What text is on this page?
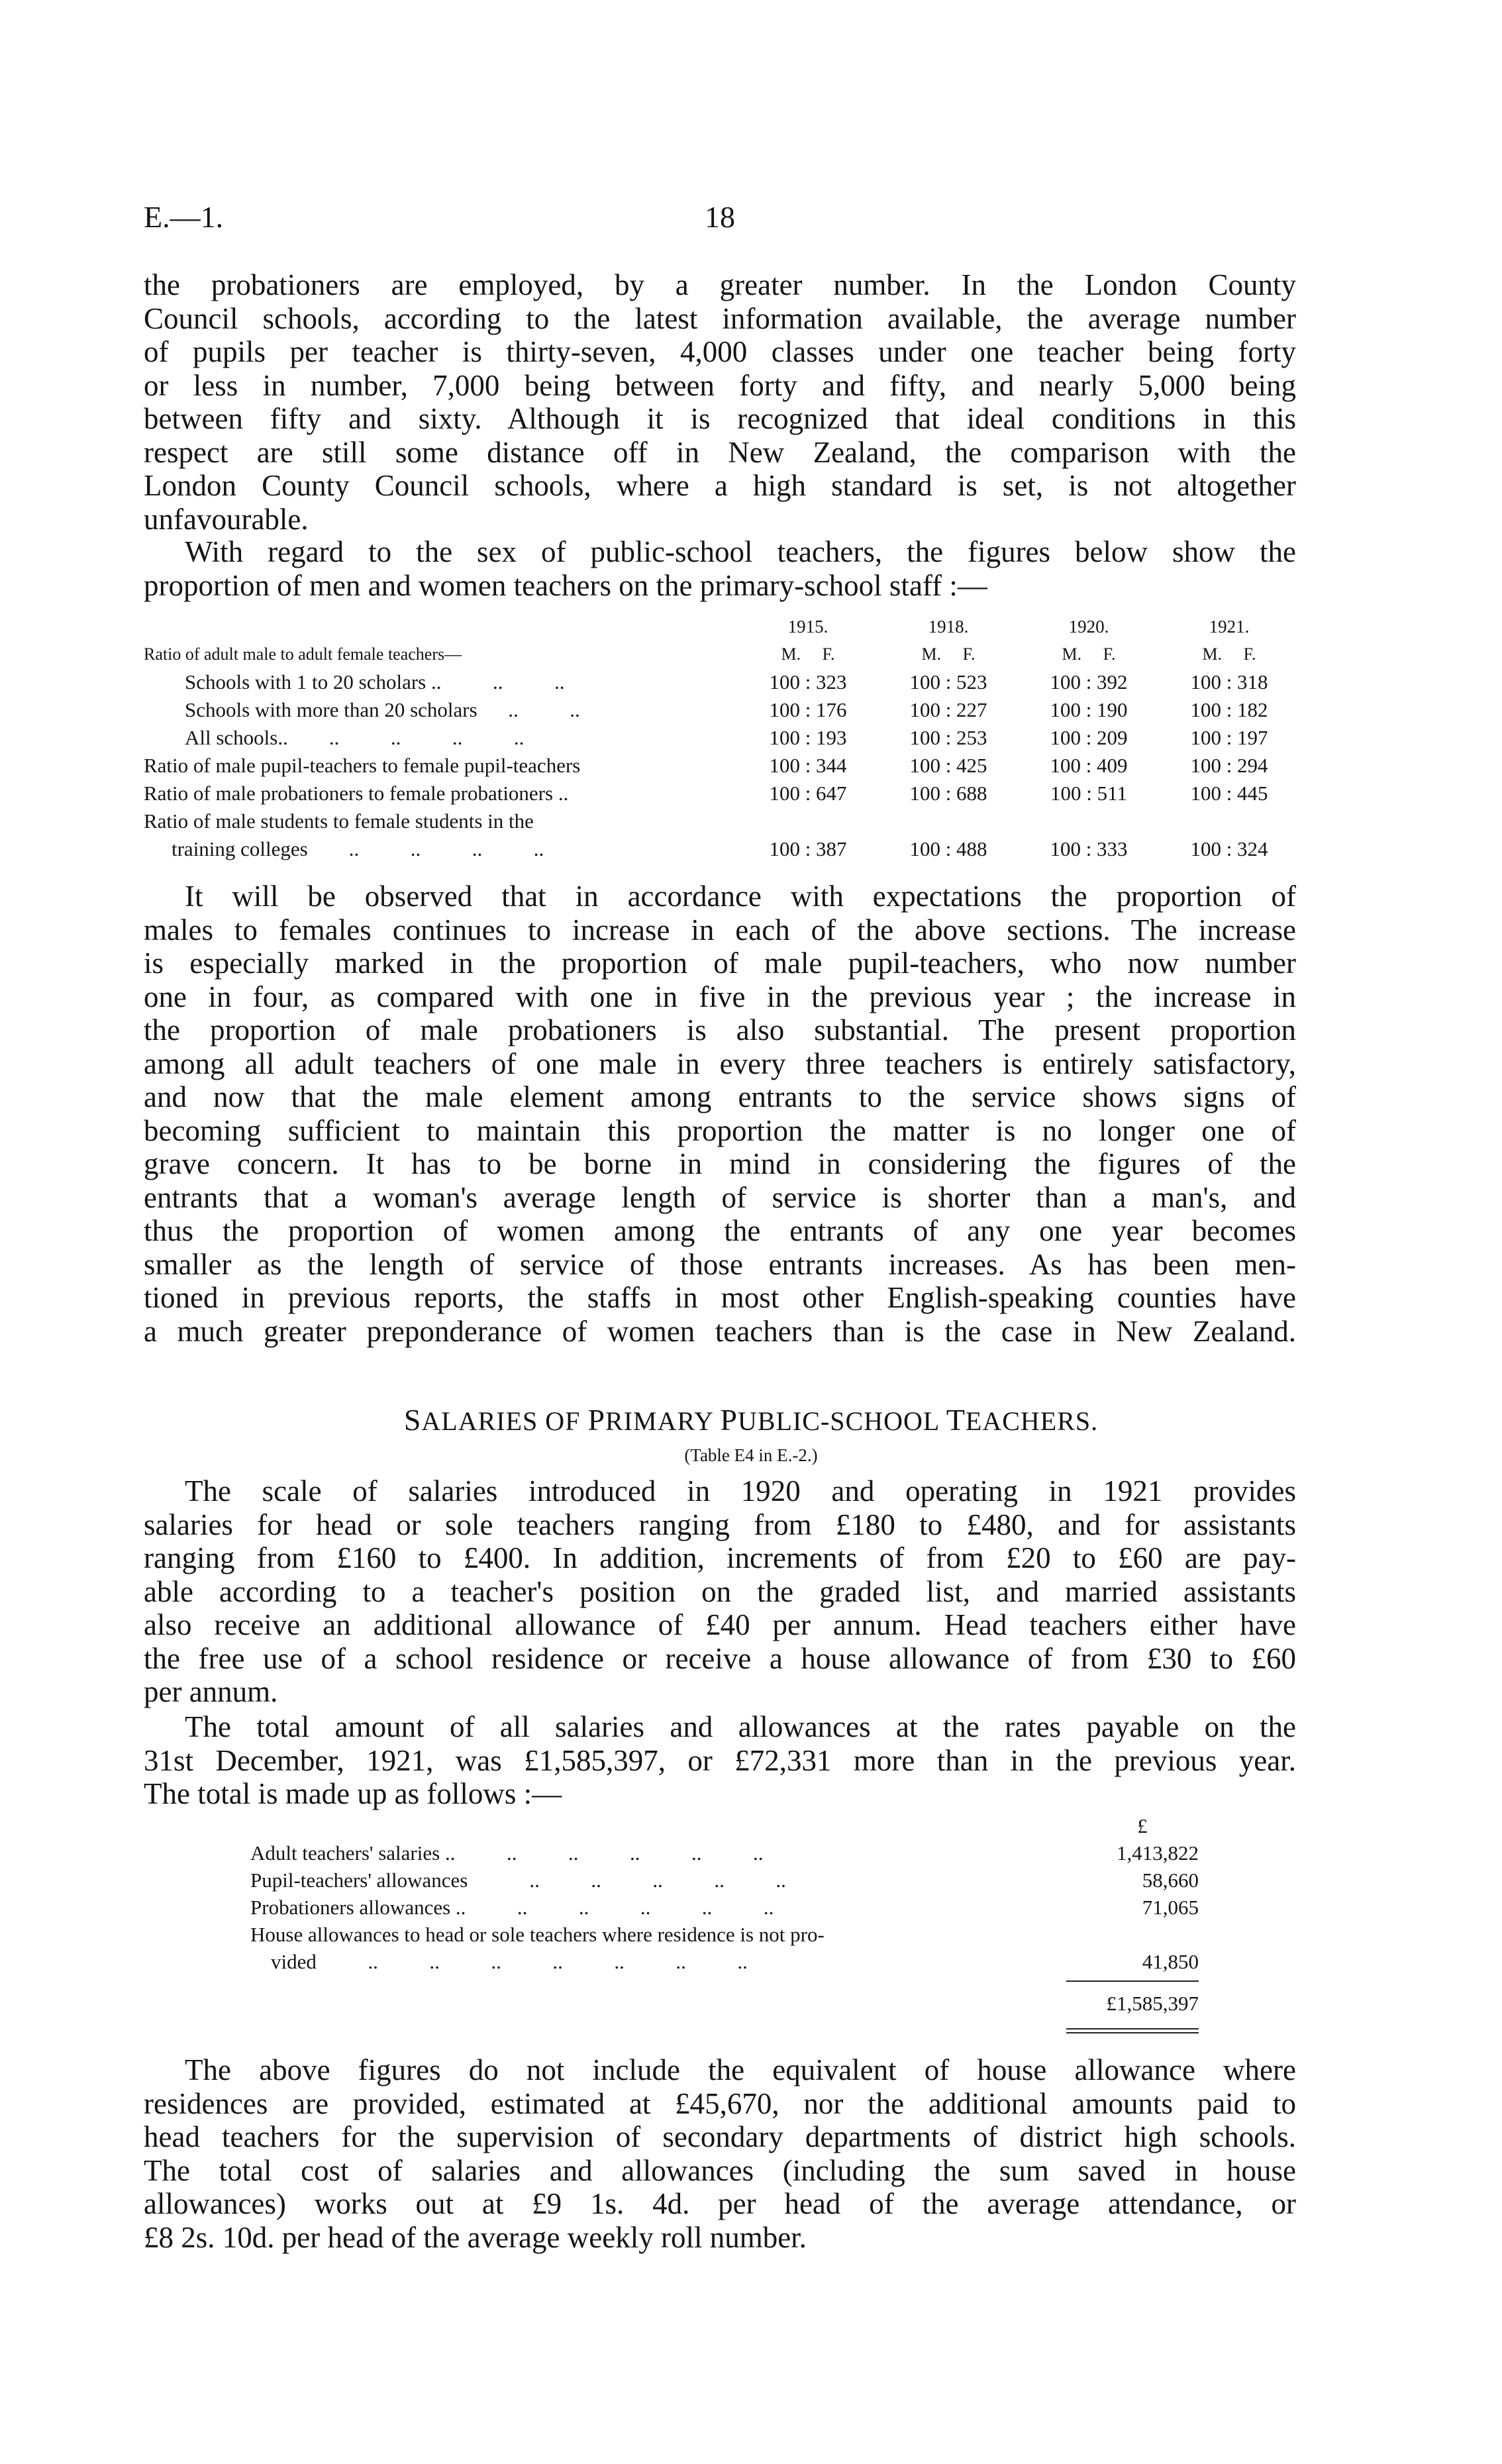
E.—1.	18
the probationers are employed, by a greater number. In the London County
Council schools, according to the latest information available, the average number
of pupils per teacher is thirty-seven, 4,000 classes under one teacher being forty
or less in number, 7,000 being between forty and fifty, and nearly 5,000 being
between fifty and sixty. Although it is recognized that ideal conditions in this
respect are still some distance off in New Zealand, the comparison with the
London County Council schools, where a high standard is set, is not altogether
unfavourable.
With regard to the sex of public-school teachers, the figures below show the
proportion of men and women teachers on the primary-school staff :—
	1915.	1918.	1920.	1921.
Ratio of adult male to adult female teachers—	M.     F.	M.     F.	M.     F.	M.     F.
Schools with 1 to 20 scholars ..          ..          ..	100 : 323	100 : 523	100 : 392	100 : 318
Schools with more than 20 scholars      ..          ..	100 : 176	100 : 227	100 : 190	100 : 182
All schools..        ..          ..          ..          ..	100 : 193	100 : 253	100 : 209	100 : 197
Ratio of male pupil-teachers to female pupil-teachers	100 : 344	100 : 425	100 : 409	100 : 294
Ratio of male probationers to female probationers ..	100 : 647	100 : 688	100 : 511	100 : 445
Ratio of male students to female students in the				
training colleges        ..          ..          ..          ..	100 : 387	100 : 488	100 : 333	100 : 324
It will be observed that in accordance with expectations the proportion of
males to females continues to increase in each of the above sections. The increase
is especially marked in the proportion of male pupil-teachers, who now number
one in four, as compared with one in five in the previous year ; the increase in
the proportion of male probationers is also substantial. The present proportion
among all adult teachers of one male in every three teachers is entirely satisfactory,
and now that the male element among entrants to the service shows signs of
becoming sufficient to maintain this proportion the matter is no longer one of
grave concern. It has to be borne in mind in considering the figures of the
entrants that a woman's average length of service is shorter than a man's, and
thus the proportion of women among the entrants of any one year becomes
smaller as the length of service of those entrants increases. As has been men-
tioned in previous reports, the staffs in most other English-speaking counties have
a much greater preponderance of women teachers than is the case in New Zealand.
SALARIES OF PRIMARY PUBLIC-SCHOOL TEACHERS.
(Table E4 in E.-2.)
The scale of salaries introduced in 1920 and operating in 1921 provides
salaries for head or sole teachers ranging from £180 to £480, and for assistants
ranging from £160 to £400. In addition, increments of from £20 to £60 are pay-
able according to a teacher's position on the graded list, and married assistants
also receive an additional allowance of £40 per annum. Head teachers either have
the free use of a school residence or receive a house allowance of from £30 to £60
per annum.
The total amount of all salaries and allowances at the rates payable on the
31st December, 1921, was £1,585,397, or £72,331 more than in the previous year.
The total is made up as follows :—
£
Adult teachers' salaries ..          ..          ..          ..          ..          ..	1,413,822
Pupil-teachers' allowances            ..          ..          ..          ..          ..	58,660
Probationers allowances ..          ..          ..          ..          ..          ..	71,065
House allowances to head or sole teachers where residence is not pro-
vided          ..          ..          ..          ..          ..          ..          ..	41,850
£1,585,397
The above figures do not include the equivalent of house allowance where
residences are provided, estimated at £45,670, nor the additional amounts paid to
head teachers for the supervision of secondary departments of district high schools.
The total cost of salaries and allowances (including the sum saved in house
allowances) works out at £9 1s. 4d. per head of the average attendance, or
£8 2s. 10d. per head of the average weekly roll number.
